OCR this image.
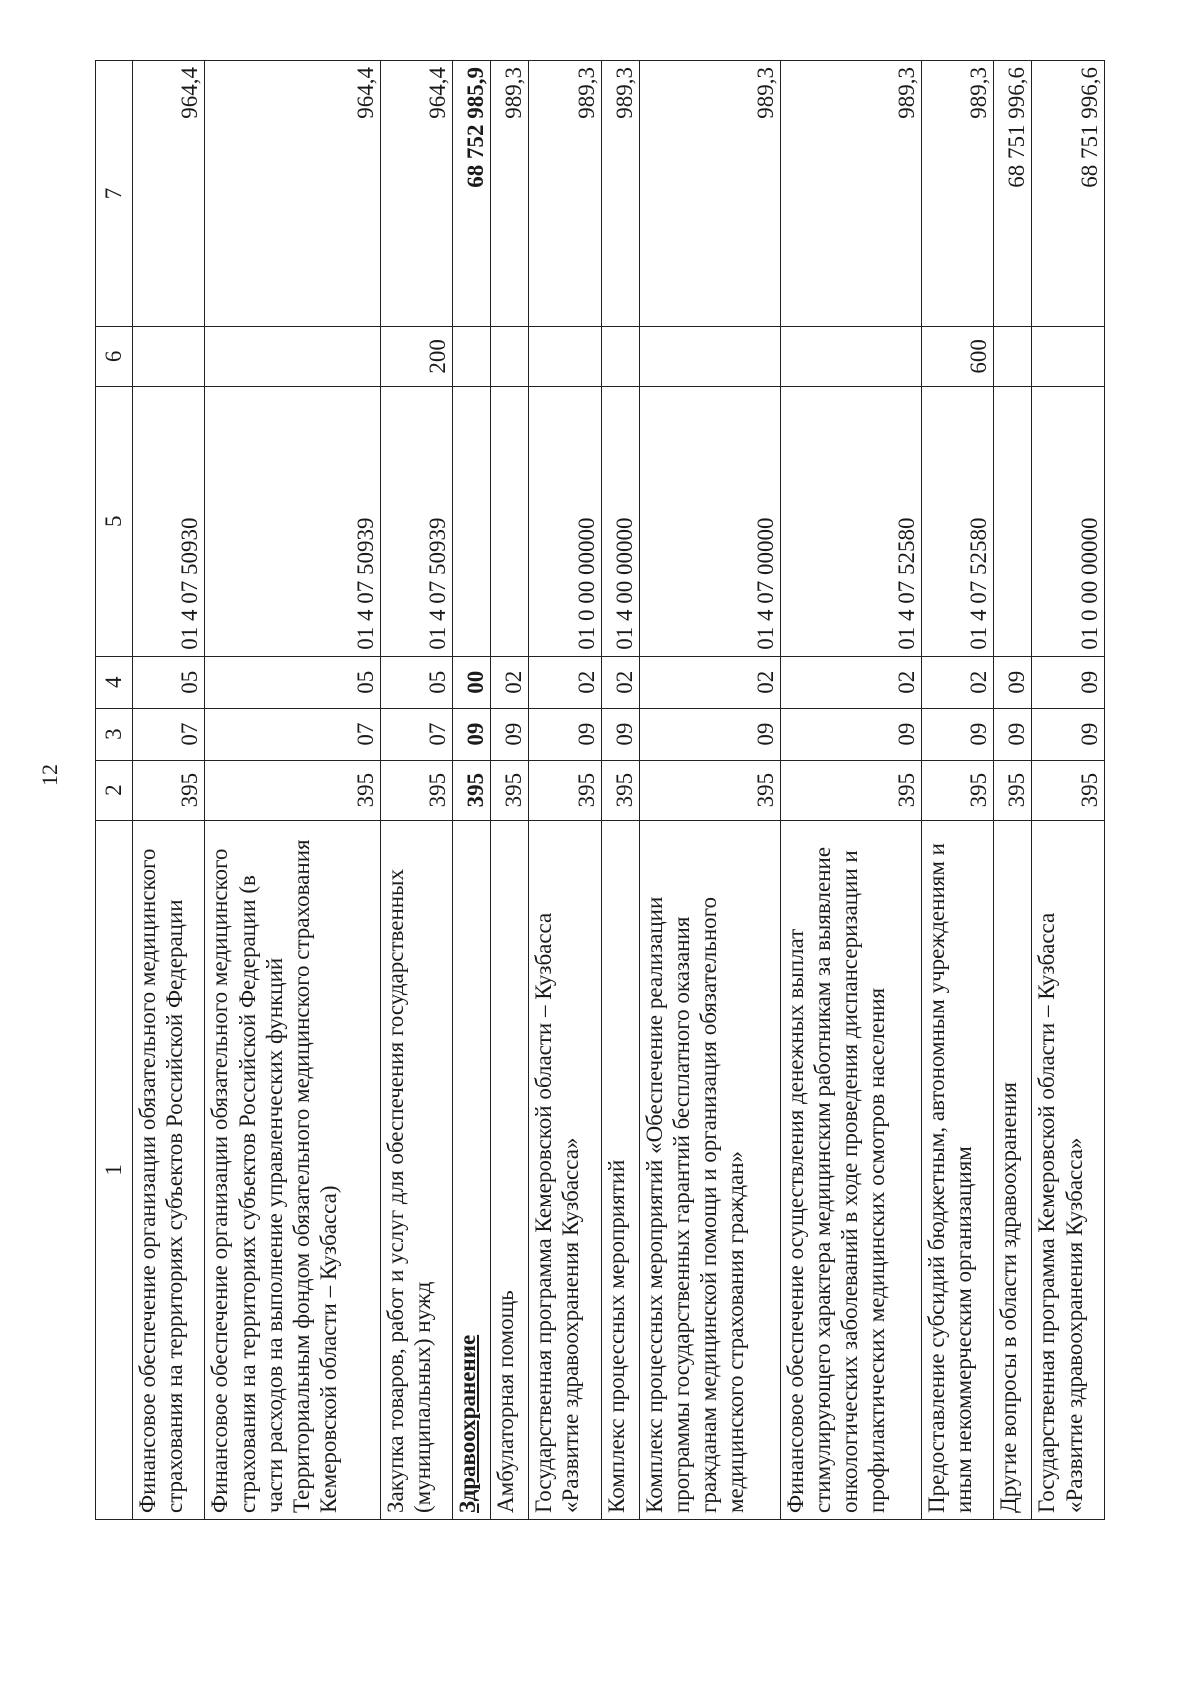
12
1	2	3	4	5	6	7
Финансовое обеспечение организации обязательного медицинского страхования на территориях субъектов Российской Федерации	395	07	05	01 4 07 50930		964,4
Финансовое обеспечение организации обязательного медицинского страхования на территориях субъектов Российской Федерации (в части расходов на выполнение управленческих функций Территориальным фондом обязательного медицинского страхования Кемеровской области – Кузбасса)	395	07	05	01 4 07 50939		964,4
Закупка товаров, работ и услуг для обеспечения государственных (муниципальных) нужд	395	07	05	01 4 07 50939	200	964,4
Здравоохранение	395	09	00			68 752 985,9
Амбулаторная помощь	395	09	02			989,3
Государственная программа Кемеровской области – Кузбасса «Развитие здравоохранения Кузбасса»	395	09	02	01 0 00 00000		989,3
Комплекс процессных мероприятий	395	09	02	01 4 00 00000		989,3
Комплекс процессных мероприятий «Обеспечение реализации программы государственных гарантий бесплатного оказания гражданам медицинской помощи и организация обязательного медицинского страхования граждан»	395	09	02	01 4 07 00000		989,3
Финансовое обеспечение осуществления денежных выплат стимулирующего характера медицинским работникам за выявление онкологических заболеваний в ходе проведения диспансеризации и профилактических медицинских осмотров населения	395	09	02	01 4 07 52580		989,3
Предоставление субсидий бюджетным, автономным учреждениям и иным некоммерческим организациям	395	09	02	01 4 07 52580	600	989,3
Другие вопросы в области здравоохранения	395	09	09			68 751 996,6
Государственная программа Кемеровской области – Кузбасса «Развитие здравоохранения Кузбасса»	395	09	09	01 0 00 00000		68 751 996,6
